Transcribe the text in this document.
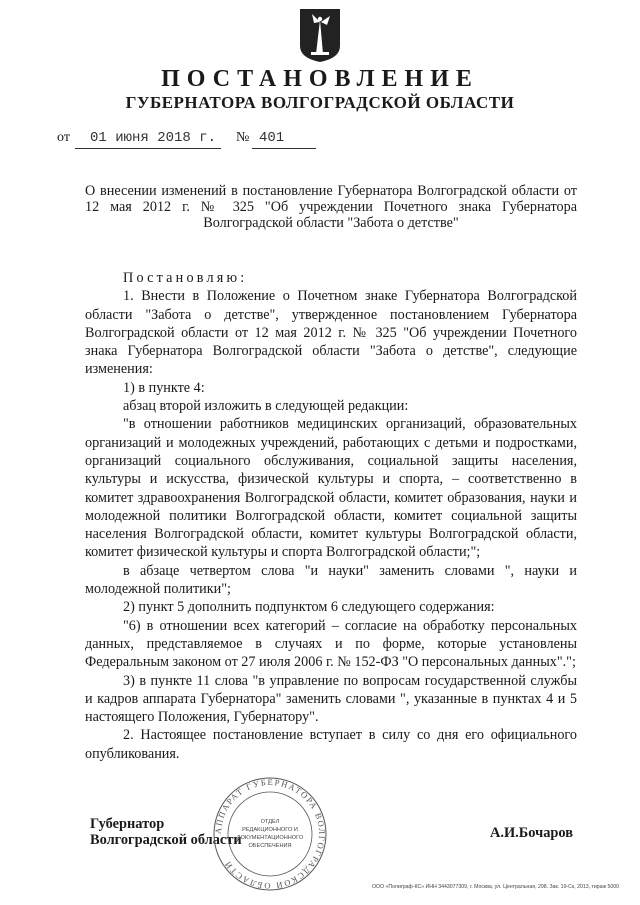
ПОСТАНОВЛЕНИЕ
ГУБЕРНАТОРА ВОЛГОГРАДСКОЙ ОБЛАСТИ
от 01 июня 2018 г. № 401
О внесении изменений в постановление Губернатора Волгоградской области от 12 мая 2012 г. № 325 "Об учреждении Почетного знака Губернатора Волгоградской области "Забота о детстве"

Постановляю:

1. Внести в Положение о Почетном знаке Губернатора Волгоградской области "Забота о детстве", утвержденное постановлением Губернатора Волгоградской области от 12 мая 2012 г. № 325 "Об учреждении Почетного знака Губернатора Волгоградской области "Забота о детстве", следующие изменения:

1) в пункте 4:

абзац второй изложить в следующей редакции:

"в отношении работников медицинских организаций, образовательных организаций и молодежных учреждений, работающих с детьми и подростками, организаций социального обслуживания, социальной защиты населения, культуры и искусства, физической культуры и спорта, – соответственно в комитет здравоохранения Волгоградской области, комитет образования, науки и молодежной политики Волгоградской области, комитет социальной защиты населения Волгоградской области, комитет культуры Волгоградской области, комитет физической культуры и спорта Волгоградской области;";

в абзаце четвертом слова "и науки" заменить словами ", науки и молодежной политики";

2) пункт 5 дополнить подпунктом 6 следующего содержания:

"6) в отношении всех категорий – согласие на обработку персональных данных, представляемое в случаях и по форме, которые установлены Федеральным законом от 27 июля 2006 г. № 152-ФЗ "О персональных данных".";

3) в пункте 11 слова "в управление по вопросам государственной службы и кадров аппарата Губернатора" заменить словами ", указанные в пунктах 4 и 5 настоящего Положения, Губернатору".

2. Настоящее постановление вступает в силу со дня его официального опубликования.

Губернатор
Волгоградской области	А.И.Бочаров
АППАРАТ ГУБЕРНАТОРА ВОЛГОГРАДСКОЙ ОБЛАСТИ
ОТДЕЛ
РЕДАКЦИОННОГО И
ДОКУМЕНТАЦИОННОГО
ОБЕСПЕЧЕНИЯ
ООО «Полиграф-КС» ИНН 3443077309, г. Москва, ул. Центральная, 298. Зак. 19-Ск, 2013, тираж 5000
